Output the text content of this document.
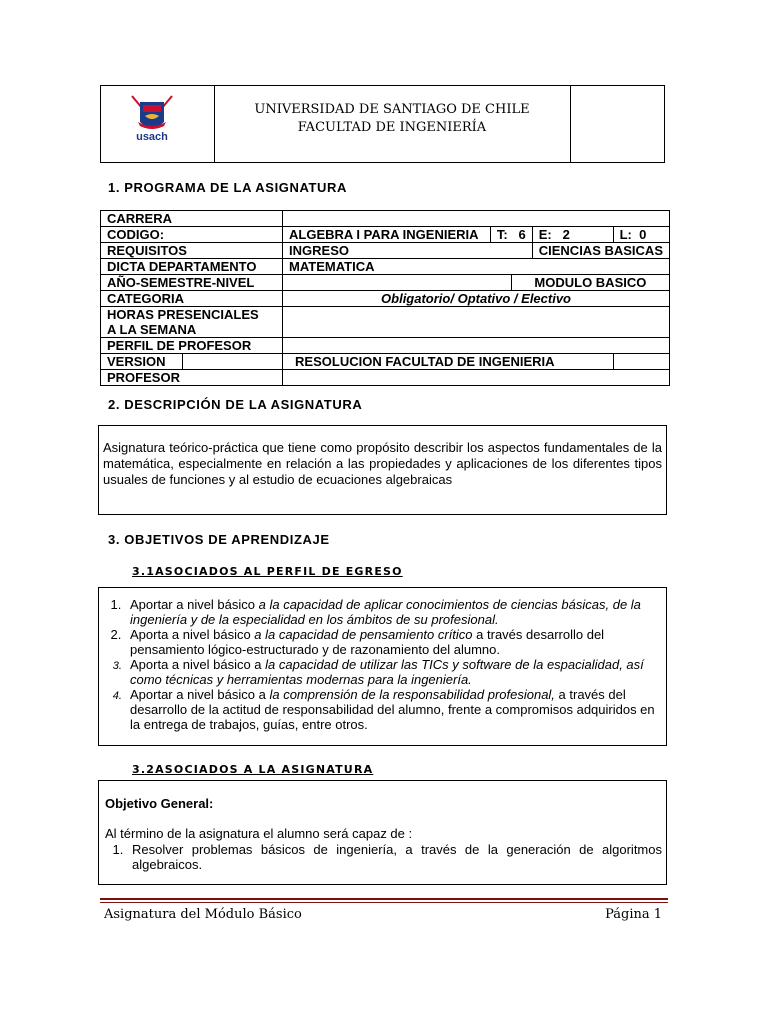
usach
UNIVERSIDAD DE SANTIAGO DE CHILE
FACULTAD DE INGENIERÍA
1. PROGRAMA DE LA ASIGNATURA
CARRERA					
CODIGO:	ALGEBRA I PARA INGENIERIA	T: 6		E: 2	L: 0
REQUISITOS	INGRESO			CIENCIAS BASICAS	
DICTA DEPARTAMENTO	MATEMATICA				
AÑO-SEMESTRE-NIVEL			MODULO BASICO		
CATEGORIA	Obligatorio/ Optativo / Electivo				
HORAS PRESENCIALES
A LA SEMANA					
PERFIL DE PROFESOR					

VERSION	RESOLUCION FACULTAD DE INGENIERIA				
PROFESOR					
2. DESCRIPCIÓN DE LA ASIGNATURA
Asignatura teórico-práctica que tiene como propósito describir los aspectos fundamentales de la matemática, especialmente en relación a las propiedades y aplicaciones de los diferentes tipos usuales de funciones y al estudio de ecuaciones algebraicas
3. OBJETIVOS DE APRENDIZAJE
3.1ASOCIADOS AL PERFIL DE EGRESO
1. Aportar a nivel básico a la capacidad de aplicar conocimientos de ciencias básicas, de la ingeniería y de la especialidad en los ámbitos de su profesional.
2. Aporta a nivel básico a la capacidad de pensamiento crítico a través desarrollo del pensamiento lógico-estructurado y de razonamiento del alumno.
3. Aporta a nivel básico a la capacidad de utilizar las TICs y software de la espacialidad, así como técnicas y herramientas modernas para la ingeniería.
4. Aportar a nivel básico a la comprensión de la responsabilidad profesional, a través del desarrollo de la actitud de responsabilidad del alumno, frente a compromisos adquiridos en la entrega de trabajos, guías, entre otros.
3.2ASOCIADOS A LA ASIGNATURA
Objetivo General:
Al término de la asignatura el alumno será capaz de :
1. Resolver problemas básicos de ingeniería, a través de la generación de algoritmos algebraicos.
Asignatura del Módulo Básico	Página 1
